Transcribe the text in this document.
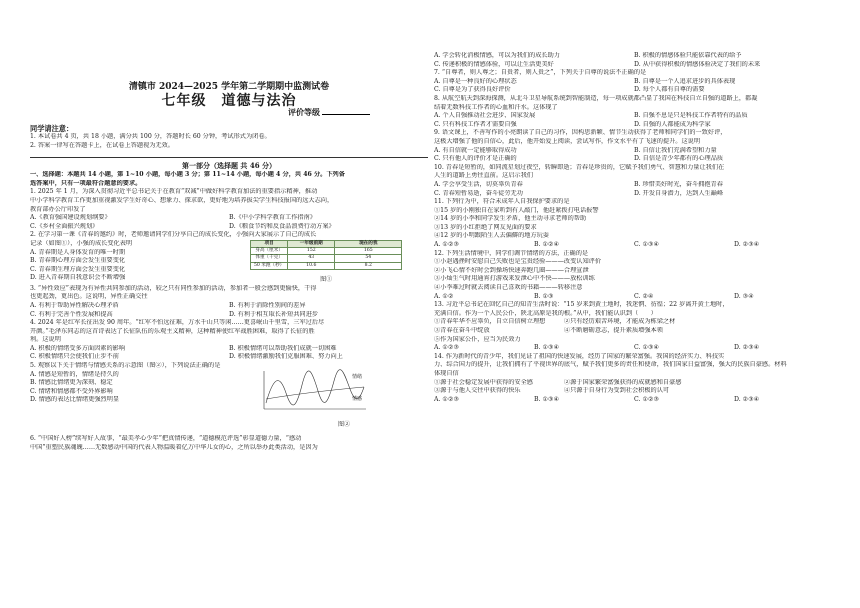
清镇市 2024—2025 学年第二学期期中监测试卷
七年级　道德与法治
评价等级
同学请注意：
1. 本试卷共 4 页，共 18 小题，满分共 100 分，答题时长 60 分钟，考试形式为闭卷。
2. 答案一律写在答题卡上，在试卷上答题视为无效。
第一部分（选择题 共 46 分）
一、选择题：本题共 14 小题，第 1~10 小题，每小题 3 分；第 11~14 小题，每小题 4 分，共 46 分。下列备
选答案中，只有一项最符合题意的要求。
1. 2025 年 1 月，为深入贯彻习近平总书记关于在教育“双减”中做好科学教育加法的重要指示精神，推动
中小学科学教育工作更加重视激发学生好奇心、想象力、探求欲，更好地为培养拔尖学生科技报国的远大志向，
教育部办公厅印发了
A.《教育强国建设规划纲要》	B.《中小学科学教育工作指南》
C.《乡村全面振兴规划》	D.《粮食节约和反食品浪费行动方案》
2. 在学习第一课《青春的邀约》时，老师邀请同学们分享自己的成长变化，小强向大家展示了自己的成长
记录（如图①），小强的成长变化表明
A. 青春期是人身体发育的唯一时期
B. 青春期心理方面会发生重要变化
C. 青春期生理方面会发生重要变化
D. 进入青春期自我意识会不断增强
项目	一年级前期	现在的我
身高（厘米）	152	165
体重（千克）	43	54
50 米跑（秒）	10.6	8.2
图①
3. “异性效应”表现为有异性共同参加的活动，较之只有同性参加的活动，参加者一般会感到更愉快，干得
也更起劲，更出色。这说明，异性正确交往
A. 有利于帮助异性解决心理矛盾	B. 有利于消除性别间的差异
C. 有利于完善个性发展和提高	D. 有利于相互取长补短共同进步
4. 2024 年是红军长征出发 90 周年。“红军不怕远征难，万水千山只等闲……更喜岷山千里雪，三军过后尽
开颜。”毛泽东同志的这首诗表达了长征队伍的乐观主义精神，这种精神使红军战胜困难，取得了长征的胜
利。这说明
A. 积极的情绪受多方面因素的影响	B. 积极情绪可以帮助我们成就一切困难
C. 积极情绪只会使我们止步不前	D. 积极情绪激励我们克服困难、努力向上
5. 观察以下关于情绪与情感关系的示意图（图②），下列说法正确的是
A. 情感是短暂的，情绪是持久的
B. 情感比情绪更为深刻、稳定
C. 情绪和情感都不受外界影响
D. 情感的表达比情绪更强烈明显
情绪
情感
图②
6. “中国好人榜”续写好人故事，“最美孝心少年”把真情传递，“道德模范评选”彰显道德力量，“感动
中国”重塑民族魂魄……无数感动中国的代表人物温暖着亿万中华儿女的心，之所以举办此类活动，是因为
A. 学会转化消极情感，可以为我们的成长助力	B. 积极的情感体验只能依靠代表的给予
C. 传递积极的情感体验，可以让生活更美好	D. 从中获得积极的情感体验决定了我们的未来
7. “自尊者，则人尊之；自贵者，则人贵之”，下列关于自尊的说法不正确的是
A. 自尊是一种良好的心理状态	B. 自尊是一个人追求进步的具体表现
C. 自尊是为了获得良好评价	D. 每个人都有自尊的需要
8. 从航空航天到深海探测，从北斗卫星导航系统到智能制造，每一项成就都凸显了我国在科技自立自强的道路上，都凝
结着无数科技工作者的心血和汗水。这体现了
A. 个人自强推动社会进步、国家发展	B. 自强不息是只是科技工作者特有的品质
C. 只有科技工作者才需要自强	D. 自强的人都能成为科学家
9. 语文课上，不善写作的小亮朗读了自己的习作，因构思新颖、情节生动获得了老师和同学们的一致好评，
这极大增强了他的自信心，此后，他开始爱上阅读，尝试写作，作文水平有了飞速的提升。这说明
A. 有自信就一定能够取得成功	B. 自信让我们充满希望和力量
C. 只有他人的评价才是正确的	D. 自信是青少年都有的心理品质
10. 青春是短暂的，如同流星划过夜空，转瞬即逝；青春是珍贵的，它赋予我们勇气、智慧和力量让我们在
人生的道路上勇往直前。这启示我们
A. 学会享受生活，切莫辜负青春	B. 珍惜美好时光，奋斗拥抱青春
C. 青春短暂易逝，奋斗徒劳无功	D. 开发自身潜力，达到人生巅峰
11. 下列行为中，符合未成年人自我保护要求的是
①15 岁的小刚独自在家听到有人敲门，他赶紧拨打电话报警
②14 岁的小李和同学发生矛盾，他主动寻求老师的帮助
③13 岁的小红拒绝了网友见面的要求
④12 岁的小明跟陌生人去偏僻的地方玩耍
A. ①②③	B. ①②④	C. ①③④	D. ②③④
12. 下列生活情境中，同学们调节情绪的方法，正确的是
①小赵遇挫时安慰自己失败也是宝贵经验———改变认知评价
②小飞心情不好时会到操场快速奔跑几圈———合理宣泄
③小灿生气时用通宵打游戏来发泄心中不快———放松训练
④小李难过时就去阅读自己喜欢的书籍———转移注意
A. ①②	B. ①③	C. ②④	D. ③④
13. 习近平总书记在回忆自己的知青生活时说：“15 岁来到黄土地时，我迷惘、彷徨；22 岁离开黄土地时，
充满自信。作为一个人民公仆，陕北高原是我的根。”从中，我们能认识到（　　）
①青春年华不应辜负，自立自信树立理想　　　②只有经历艰苦环境，才能成为栋梁之材
③青春在奋斗中绽放　　　　　　　　　　　　④不断磨砺意志，提升素质增强本领
⑤作为国家公仆，应当为民效力
A. ①②③	B. ①③④	C. ①③④	D. ②③④
14. 作为新时代的青少年，我们见证了祖国的快速发展，经历了国家的繁荣富强。我国的经济实力、科技实
力、综合国力的提升，让我们拥有了平视世界的底气，赋予我们更多的责任和使命，我们国家日益富强，强大的民族自豪感。材料
体现自信
①源于社会稳定发展中获得的安全感　　　　　②源于国家繁荣富强获得的成就感和自豪感
③源于与他人交往中获得的快乐　　　　　　　④只源于自身行为受到社会积极的认可
A. ①②③	B. ①③④	C. ①②③	D. ②③④
